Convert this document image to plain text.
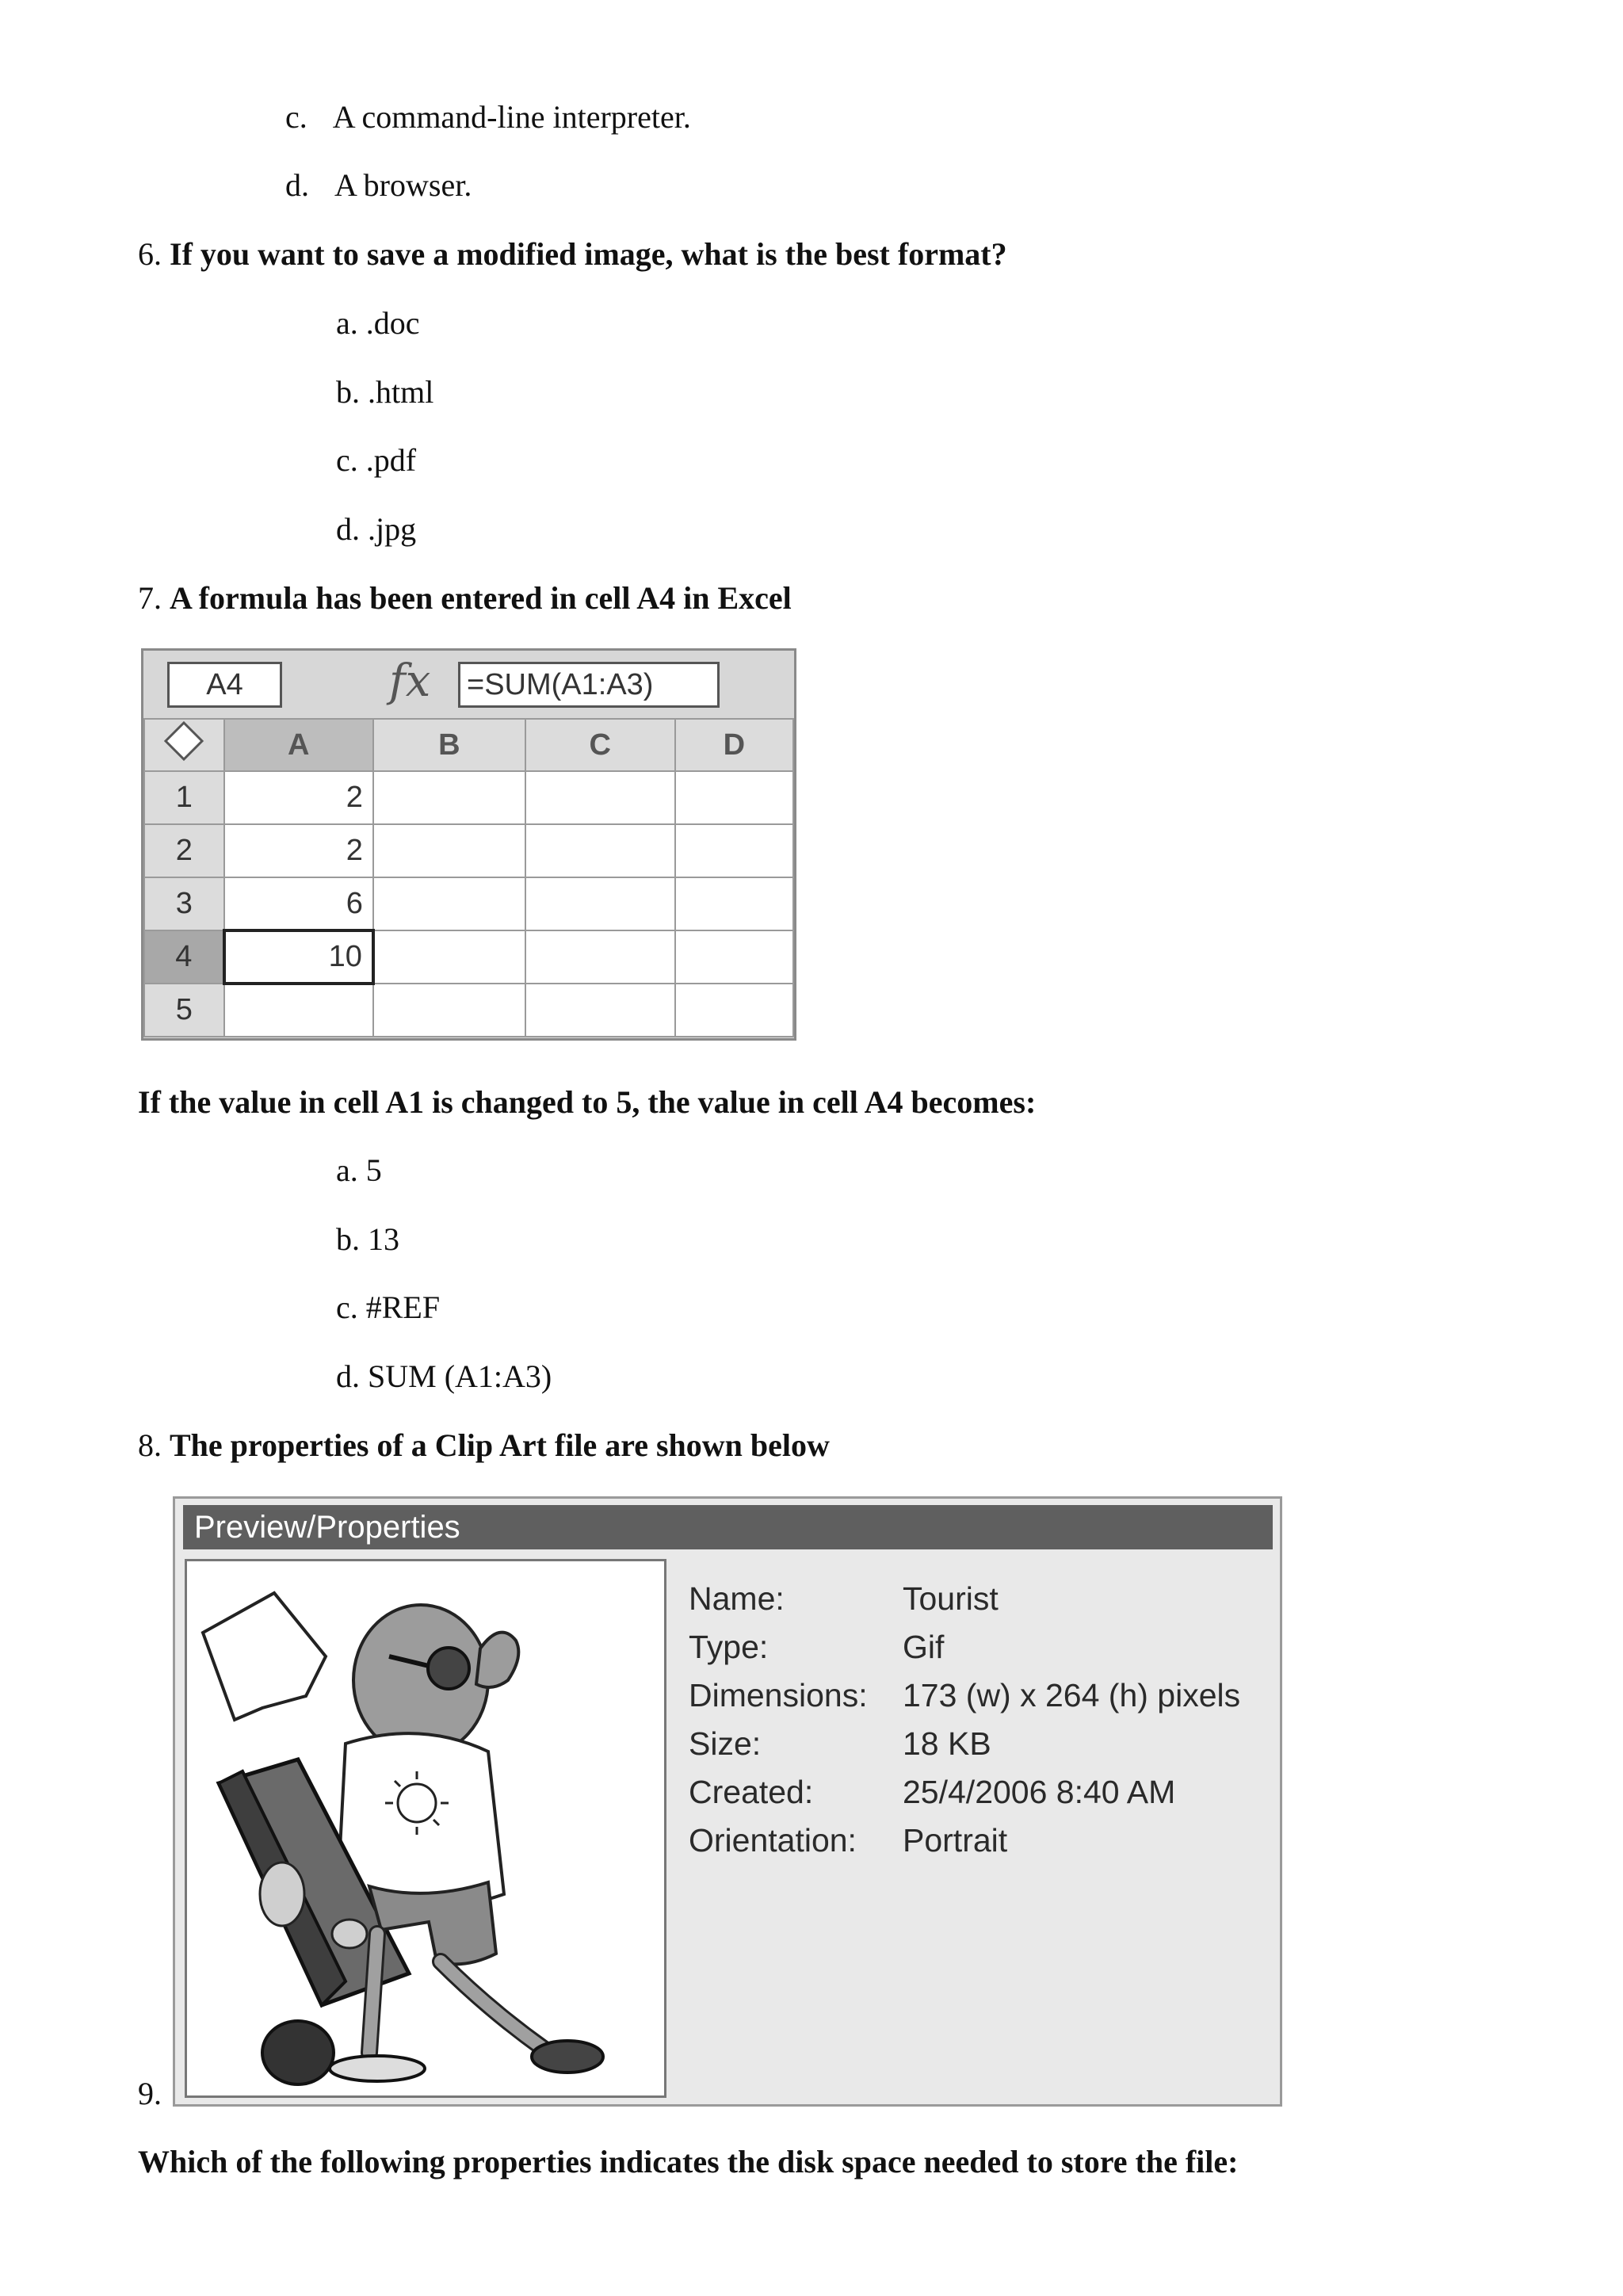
c. A command-line interpreter.
d. A browser.
6. If you want to save a modified image, what is the best format?
a. .doc
b. .html
c. .pdf
d. .jpg
7. A formula has been entered in cell A4 in Excel
A4	fx =SUM(A1:A3)
	A	B	C	D
1	2			
2	2			
3	6			
4	10			
5				
If the value in cell A1 is changed to 5, the value in cell A4 becomes:
a. 5
b. 13
c. #REF
d. SUM (A1:A3)
8. The properties of a Clip Art file are shown below
Preview/Properties
Name:	Tourist
Type:	Gif
Dimensions: 173 (w) x 264 (h) pixels
Size:	18 KB
Created:	25/4/2006 8:40 AM
Orientation: Portrait
9.
Which of the following properties indicates the disk space needed to store the file:
